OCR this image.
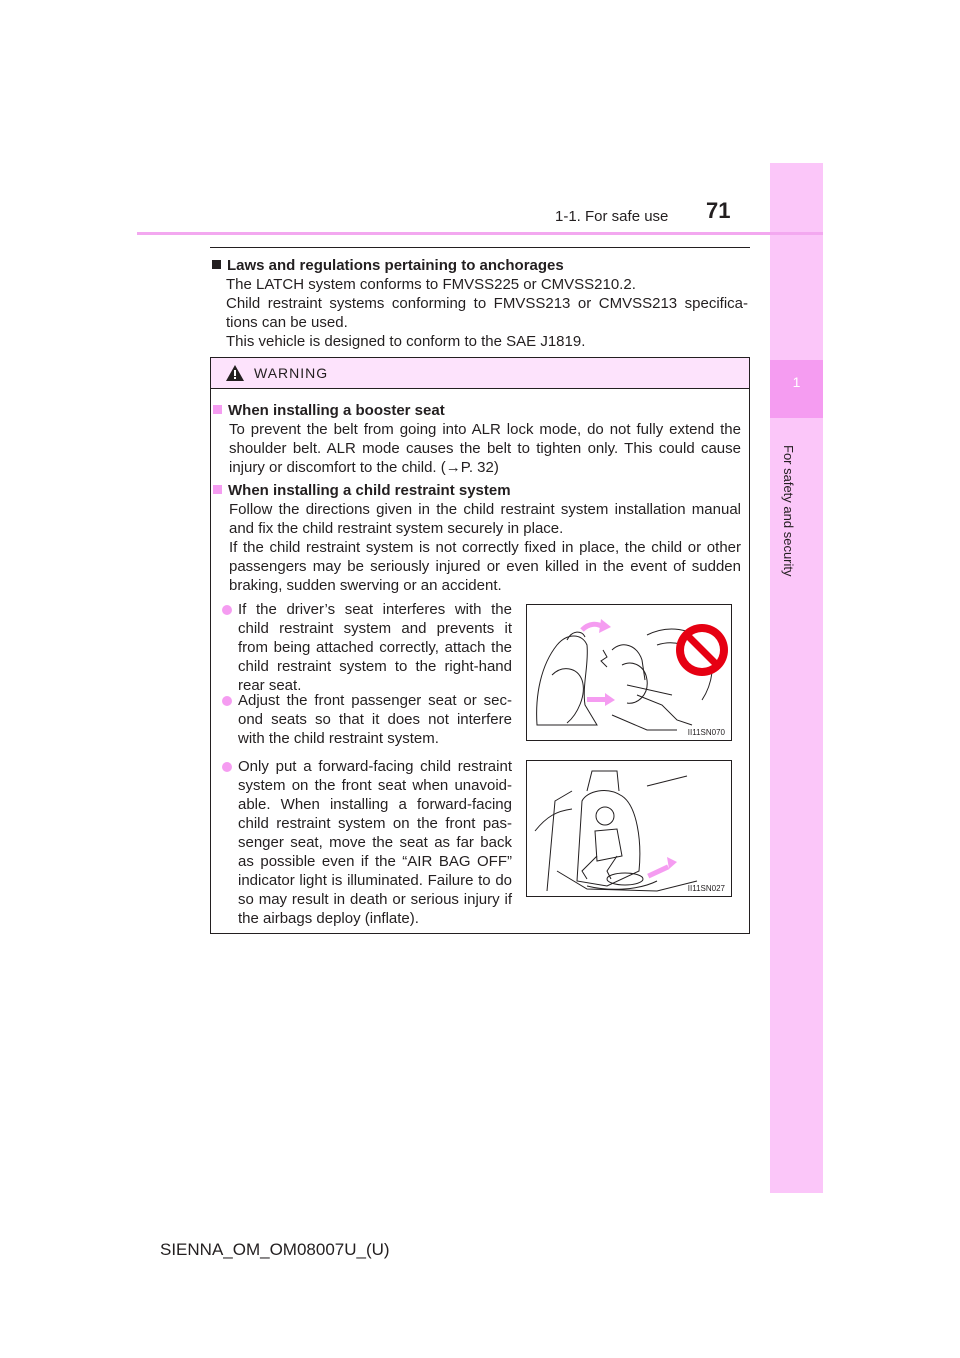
1
For safety and security
1-1. For safe use 71
Laws and regulations pertaining to anchorages

The LATCH system conforms to FMVSS225 or CMVSS210.2.

Child restraint systems conforming to FMVSS213 or CMVSS213 specifica-tions can be used.

This vehicle is designed to conform to the SAE J1819.

WARNING
When installing a booster seat

To prevent the belt from going into ALR lock mode, do not fully extend the shoulder belt. ALR mode causes the belt to tighten only. This could cause injury or discomfort to the child. (→P. 32)

When installing a child restraint system

Follow the directions given in the child restraint system installation manual and fix the child restraint system securely in place.

If the child restraint system is not correctly fixed in place, the child or other passengers may be seriously injured or even killed in the event of sudden braking, sudden swerving or an accident.

If the driver’s seat interferes with the child restraint system and prevents it from being attached correctly, attach the child restraint system to the right-hand rear seat.
Adjust the front passenger seat or sec-ond seats so that it does not interfere with the child restraint system.
Only put a forward-facing child restraint system on the front seat when unavoid-able. When installing a forward-facing child restraint system on the front pas-senger seat, move the seat as far back as possible even if the “AIR BAG OFF” indicator light is illuminated. Failure to do so may result in death or serious injury if the airbags deploy (inflate).
II11SN070
II11SN027
SIENNA_OM_OM08007U_(U)
